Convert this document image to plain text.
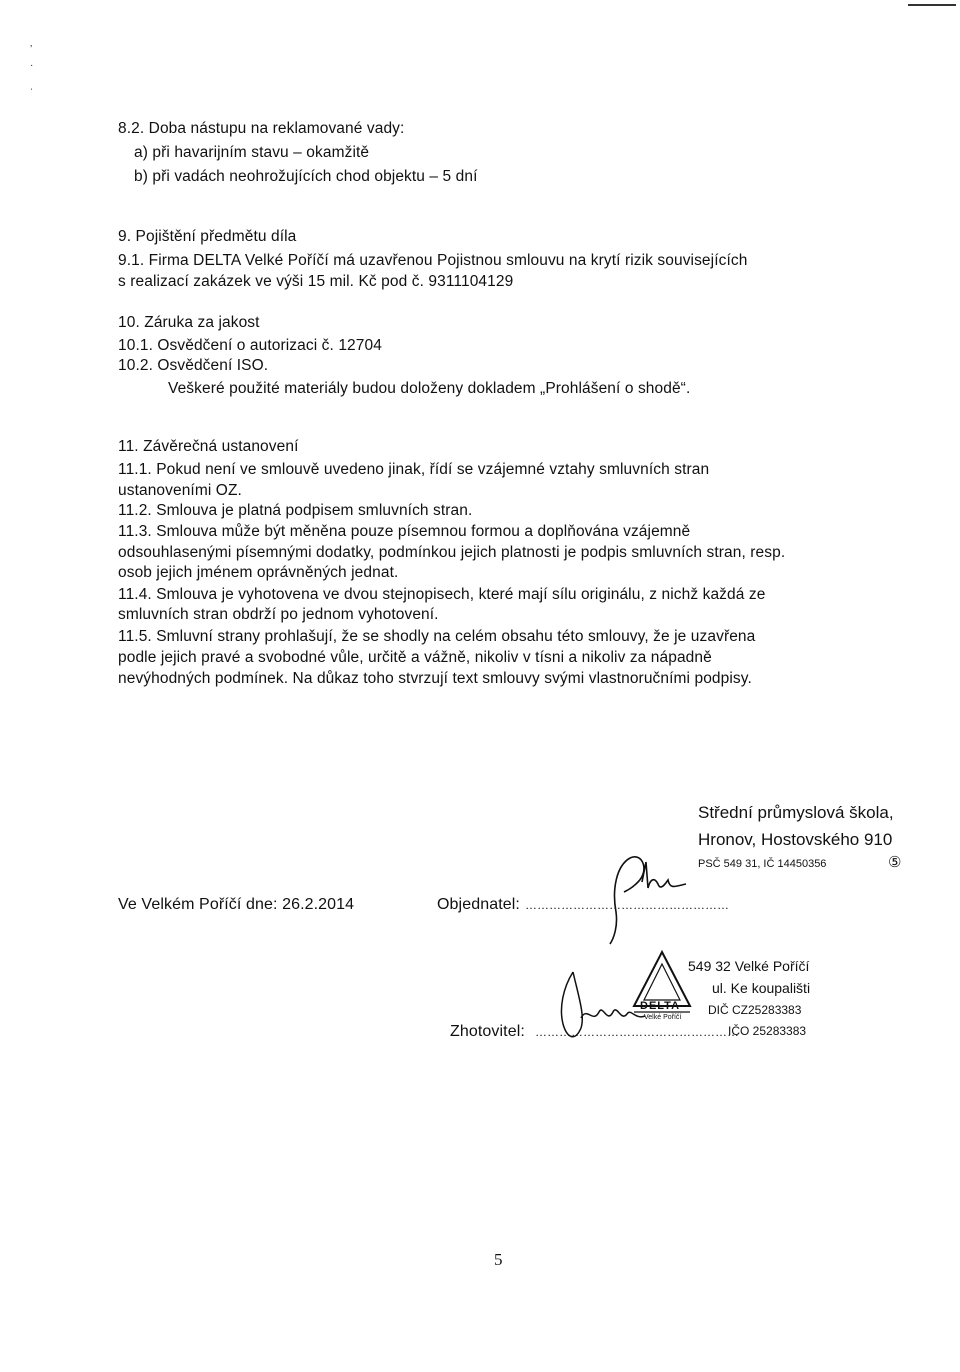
‚
·
ˈ
8.2. Doba nástupu na reklamované vady:
a) při havarijním stavu – okamžitě
b) při vadách neohrožujících chod objektu – 5 dní
9. Pojištění předmětu díla
9.1. Firma DELTA Velké Poříčí má uzavřenou Pojistnou smlouvu na krytí rizik souvisejících
s realizací zakázek ve výši 15 mil. Kč pod č. 9311104129
10. Záruka za jakost
10.1. Osvědčení o autorizaci č. 12704
10.2. Osvědčení ISO.
Veškeré použité materiály budou doloženy dokladem „Prohlášení o shodě“.
11. Závěrečná ustanovení
11.1. Pokud není ve smlouvě uvedeno jinak, řídí se vzájemné vztahy smluvních stran
ustanoveními OZ.
11.2. Smlouva je platná podpisem smluvních stran.
11.3. Smlouva může být měněna pouze písemnou formou a doplňována vzájemně
odsouhlasenými písemnými dodatky, podmínkou jejich platnosti je podpis smluvních stran, resp.
osob jejich jménem oprávněných jednat.
11.4. Smlouva je vyhotovena ve dvou stejnopisech, které mají sílu originálu, z nichž každá ze
smluvních stran obdrží po jednom vyhotovení.
11.5. Smluvní strany prohlašují, že se shodly na celém obsahu této smlouvy, že je uzavřena
podle jejich pravé a svobodné vůle, určitě a vážně, nikoliv v tísni a nikoliv za nápadně
nevýhodných podmínek. Na důkaz toho stvrzují text smlouvy svými vlastnoručními podpisy.
Střední průmyslová škola,
Hronov, Hostovského 910
PSČ 549 31, IČ 14450356	⑤
Ve Velkém Poříčí dne: 26.2.2014	Objednatel: ……………………………………………
DELTA
Velké Poříčí
549 32 Velké Poříčí
ul. Ke koupališti
DIČ CZ25283383
IČO 25283383
Zhotovitel: ……………………………………………
5
